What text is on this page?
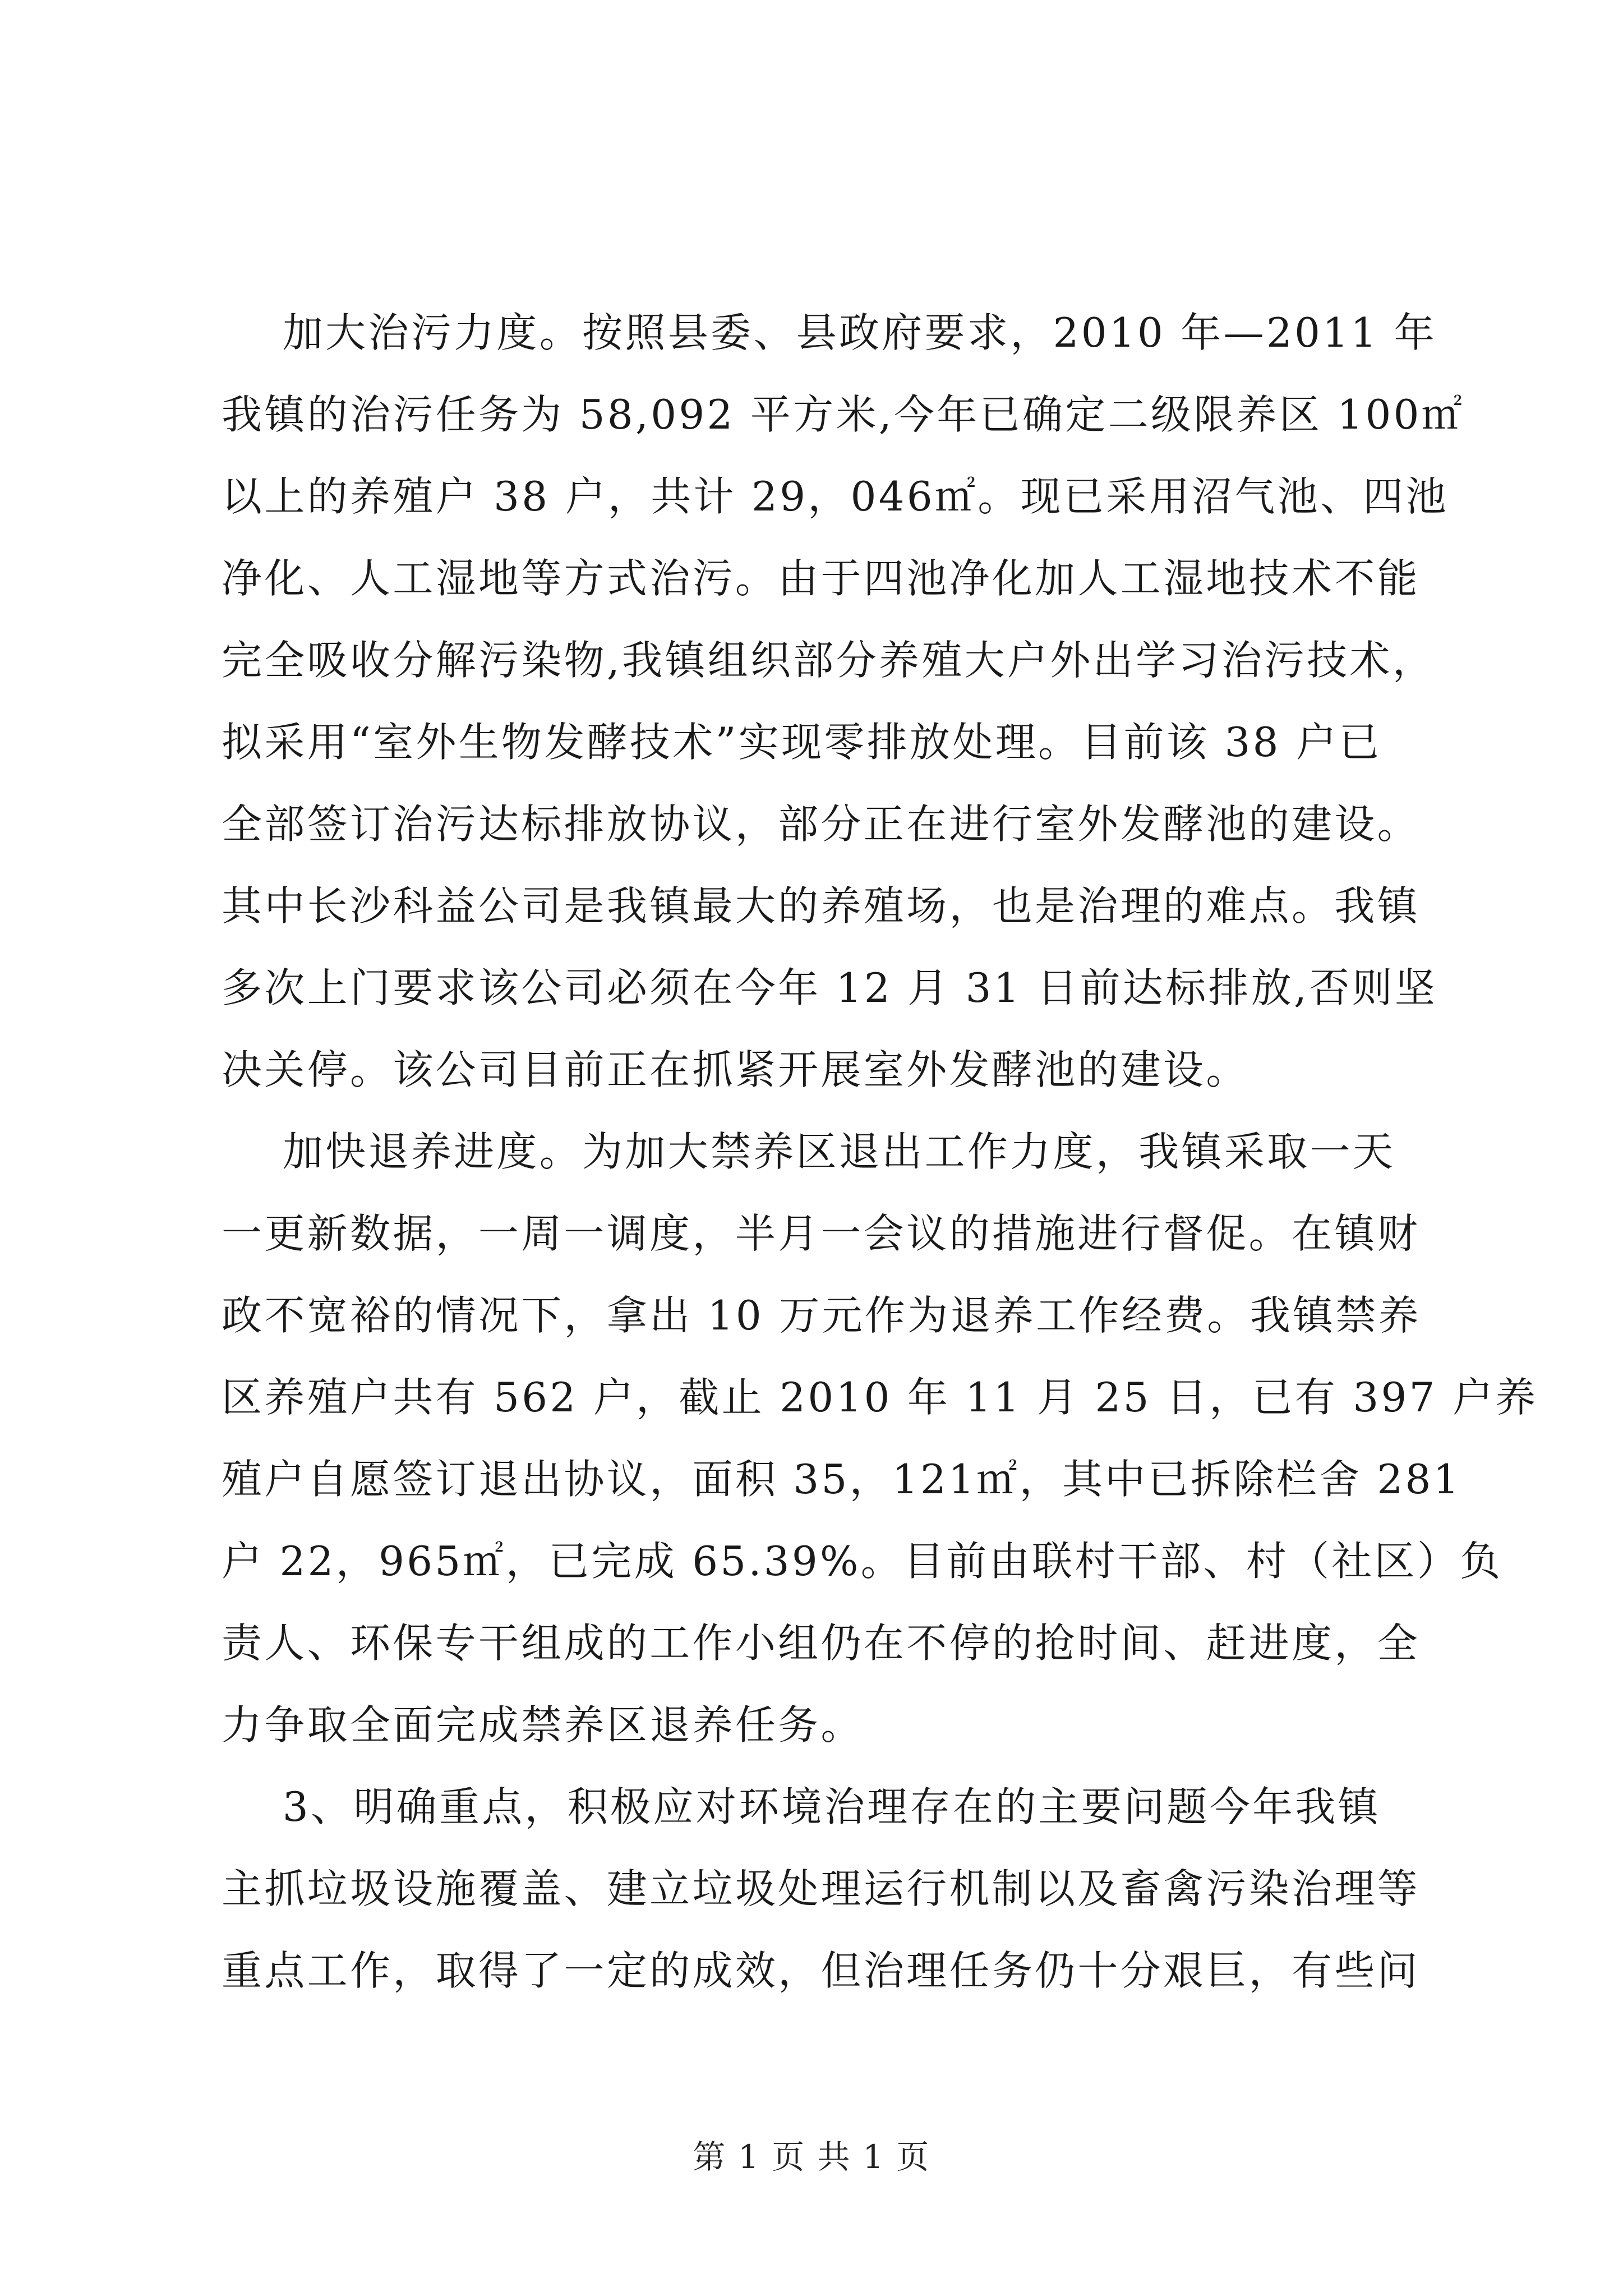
加大治污力度。按照县委、县政府要求，2010 年—2011 年
我镇的治污任务为 58,092 平方米,今年已确定二级限养区 100㎡
以上的养殖户 38 户，共计 29，046㎡。现已采用沼气池、四池
净化、人工湿地等方式治污。由于四池净化加人工湿地技术不能
完全吸收分解污染物,我镇组织部分养殖大户外出学习治污技术，
拟采用“室外生物发酵技术”实现零排放处理。目前该 38 户已
全部签订治污达标排放协议，部分正在进行室外发酵池的建设。
其中长沙科益公司是我镇最大的养殖场，也是治理的难点。我镇
多次上门要求该公司必须在今年 12 月 31 日前达标排放,否则坚
决关停。该公司目前正在抓紧开展室外发酵池的建设。
加快退养进度。为加大禁养区退出工作力度，我镇采取一天
一更新数据，一周一调度，半月一会议的措施进行督促。在镇财
政不宽裕的情况下，拿出 10 万元作为退养工作经费。我镇禁养
区养殖户共有 562 户，截止 2010 年 11 月 25 日，已有 397 户养
殖户自愿签订退出协议，面积 35，121㎡，其中已拆除栏舍 281
户 22，965㎡，已完成 65.39%。目前由联村干部、村（社区）负
责人、环保专干组成的工作小组仍在不停的抢时间、赶进度，全
力争取全面完成禁养区退养任务。
3、明确重点，积极应对环境治理存在的主要问题今年我镇
主抓垃圾设施覆盖、建立垃圾处理运行机制以及畜禽污染治理等
重点工作，取得了一定的成效，但治理任务仍十分艰巨，有些问
第 1 页 共 1 页
